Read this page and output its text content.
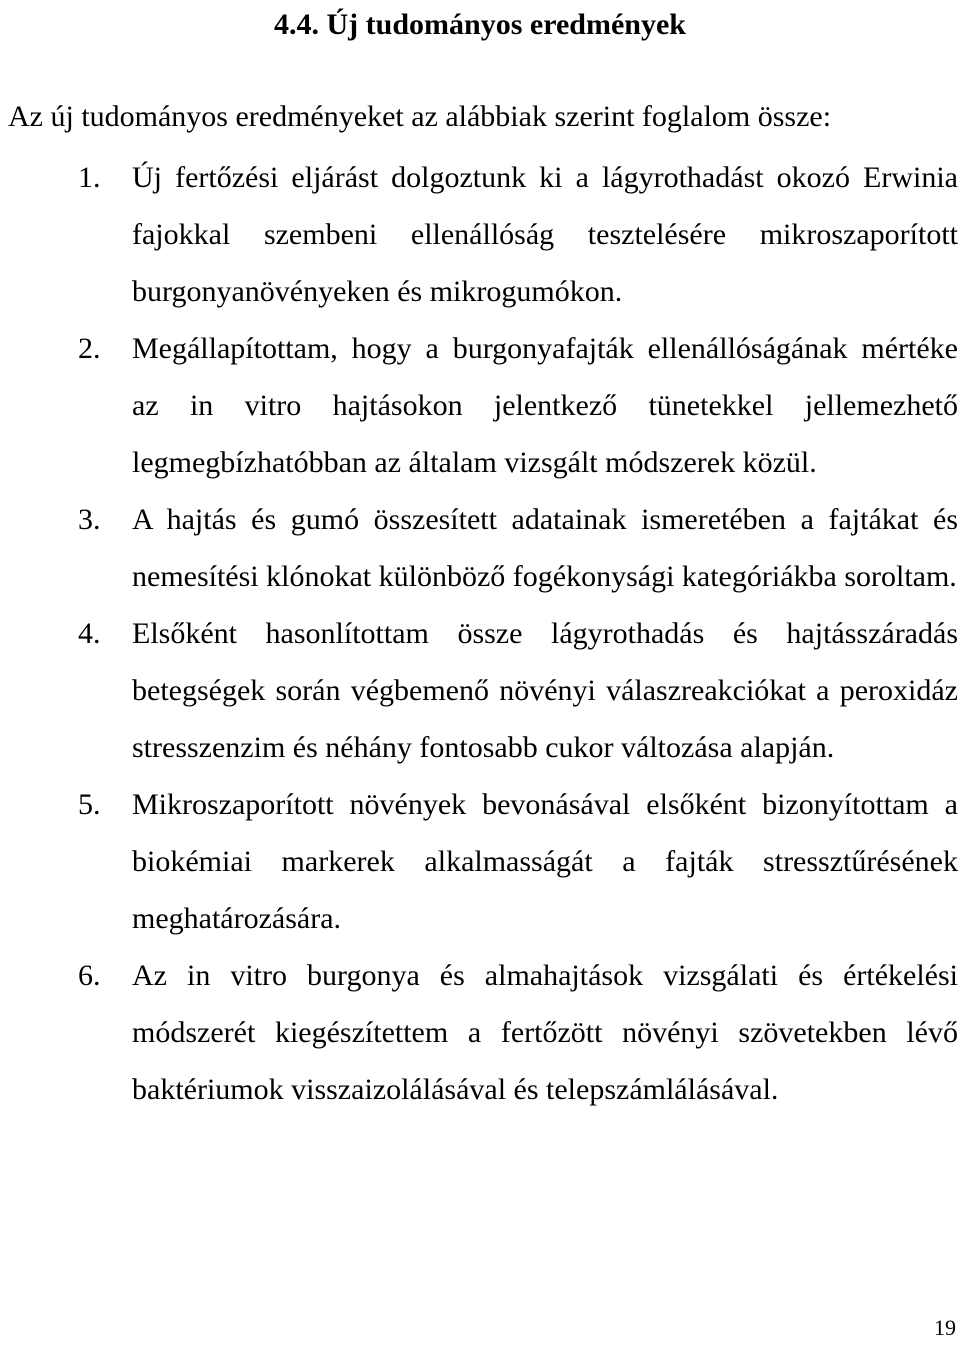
4.4. Új tudományos eredmények
Az új tudományos eredményeket az alábbiak szerint foglalom össze:
1. Új fertőzési eljárást dolgoztunk ki a lágyrothadást okozó Erwinia fajokkal szembeni ellenállóság tesztelésére mikroszaporított burgonyanövényeken és mikrogumókon.
2. Megállapítottam, hogy a burgonyafajták ellenállóságának mértéke az in vitro hajtásokon jelentkező tünetekkel jellemezhető legmegbízhatóbban az általam vizsgált módszerek közül.
3. A hajtás és gumó összesített adatainak ismeretében a fajtákat és nemesítési klónokat különböző fogékonysági kategóriákba soroltam.
4. Elsőként hasonlítottam össze lágyrothadás és hajtásszáradás betegségek során végbemenő növényi válaszreakciókat a peroxidáz stresszenzim és néhány fontosabb cukor változása alapján.
5. Mikroszaporított növények bevonásával elsőként bizonyítottam a biokémiai markerek alkalmasságát a fajták stressztűrésének meghatározására.
6. Az in vitro burgonya és almahajtások vizsgálati és értékelési módszerét kiegészítettem a fertőzött növényi szövetekben lévő baktériumok visszaizolálásával és telepszámlálásával.
19
